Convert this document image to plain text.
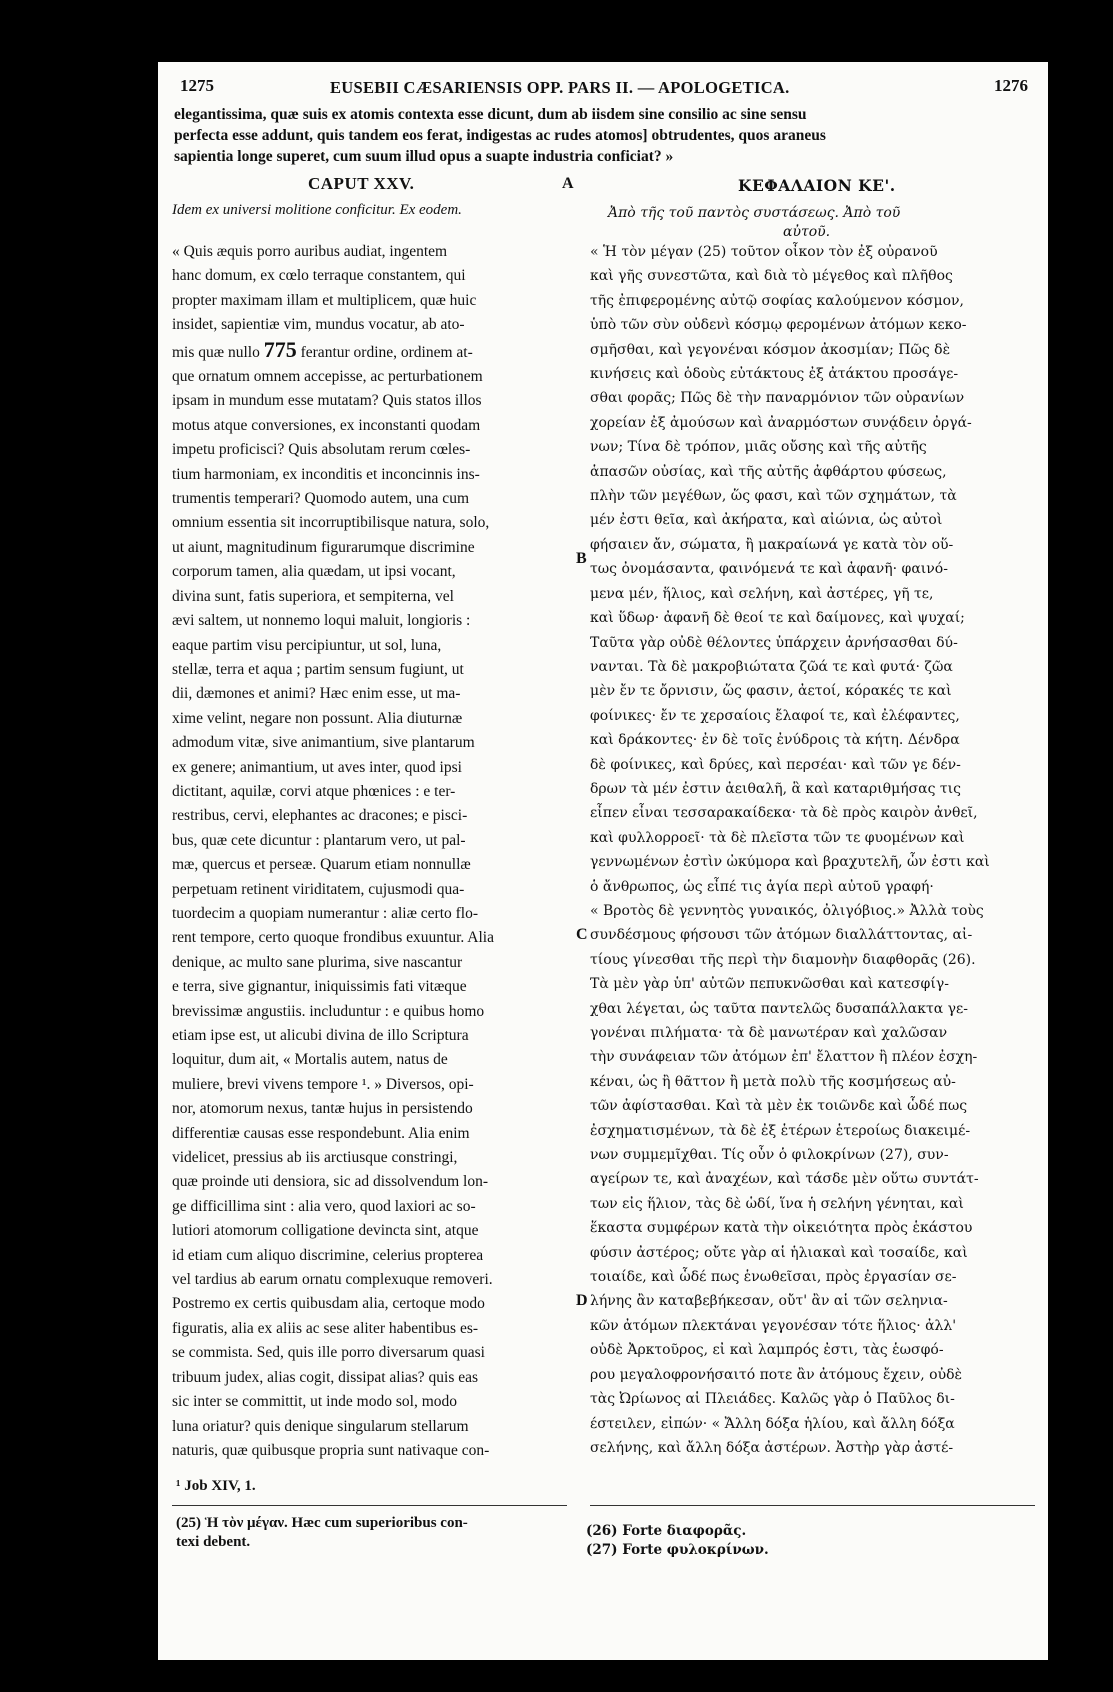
1275	EUSEBII CÆSARIENSIS OPP. PARS II. — APOLOGETICA.	1276
elegantissima, quæ suis ex atomis contexta esse dicunt, dum ab iisdem sine consilio ac sine sensu
perfecta esse addunt, quis tandem eos ferat, indigestas ac rudes atomos] obtrudentes, quos araneus
sapientia longe superet, cum suum illud opus a suapte industria conficiat? »
CAPUT XXV.
Idem ex universi molitione conficitur. Ex eodem.
A	ΚΕΦΑΛΑΙΟΝ ΚΕ'.
Ἀπὸ τῆς τοῦ παντὸς συστάσεως. Ἀπὸ τοῦ
αὐτοῦ.
« Quis æquis porro auribus audiat, ingentem
hanc domum, ex cœlo terraque constantem, qui
propter maximam illam et multiplicem, quæ huic
insidet, sapientiæ vim, mundus vocatur, ab ato-
mis quæ nullo 775 ferantur ordine, ordinem at-
que ornatum omnem accepisse, ac perturbationem
ipsam in mundum esse mutatam? Quis statos illos
motus atque conversiones, ex inconstanti quodam
impetu proficisci? Quis absolutam rerum cœles-
tium harmoniam, ex inconditis et inconcinnis ins-
trumentis temperari? Quomodo autem, una cum
omnium essentia sit incorruptibilisque natura, solo,
ut aiunt, magnitudinum figurarumque discrimine
corporum tamen, alia quædam, ut ipsi vocant,
divina sunt, fatis superiora, et sempiterna, vel
ævi saltem, ut nonnemo loqui maluit, longioris :
eaque partim visu percipiuntur, ut sol, luna,
stellæ, terra et aqua ; partim sensum fugiunt, ut
dii, dæmones et animi? Hæc enim esse, ut ma-
xime velint, negare non possunt. Alia diuturnæ
admodum vitæ, sive animantium, sive plantarum
ex genere; animantium, ut aves inter, quod ipsi
dictitant, aquilæ, corvi atque phœnices : e ter-
restribus, cervi, elephantes ac dracones; e pisci-
bus, quæ cete dicuntur : plantarum vero, ut pal-
mæ, quercus et perseæ. Quarum etiam nonnullæ
perpetuam retinent viriditatem, cujusmodi qua-
tuordecim a quopiam numerantur : aliæ certo flo-
rent tempore, certo quoque frondibus exuuntur. Alia
denique, ac multo sane plurima, sive nascantur
e terra, sive gignantur, iniquissimis fati vitæque
brevissimæ angustiis. includuntur : e quibus homo
etiam ipse est, ut alicubi divina de illo Scriptura
loquitur, dum ait, « Mortalis autem, natus de
muliere, brevi vivens tempore ¹. » Diversos, opi-
nor, atomorum nexus, tantæ hujus in persistendo
differentiæ causas esse respondebunt. Alia enim
videlicet, pressius ab iis arctiusque constringi,
quæ proinde uti densiora, sic ad dissolvendum lon-
ge difficillima sint : alia vero, quod laxiori ac so-
lutiori atomorum colligatione devincta sint, atque
id etiam cum aliquo discrimine, celerius propterea
vel tardius ab earum ornatu complexuque removeri.
Postremo ex certis quibusdam alia, certoque modo
figuratis, alia ex aliis ac sese aliter habentibus es-
se commista. Sed, quis ille porro diversarum quasi
tribuum judex, alias cogit, dissipat alias? quis eas
sic inter se committit, ut inde modo sol, modo
luna oriatur? quis denique singularum stellarum
naturis, quæ quibusque propria sunt nativaque con-
B
C
D
« Ἡ τὸν μέγαν (25) τοῦτον οἶκον τὸν ἐξ οὐρανοῦ
καὶ γῆς συνεστῶτα, καὶ διὰ τὸ μέγεθος καὶ πλῆθος
τῆς ἐπιφερομένης αὐτῷ σοφίας καλούμενον κόσμον,
ὑπὸ τῶν σὺν οὐδενὶ κόσμῳ φερομένων ἀτόμων κεκο-
σμῆσθαι, καὶ γεγονέναι κόσμον ἀκοσμίαν; Πῶς δὲ
κινήσεις καὶ ὁδοὺς εὐτάκτους ἐξ ἀτάκτου προσάγε-
σθαι φορᾶς; Πῶς δὲ τὴν παναρμόνιον τῶν οὐρανίων
χορείαν ἐξ ἀμούσων καὶ ἀναρμόστων συνᾴδειν ὀργά-
νων; Τίνα δὲ τρόπον, μιᾶς οὔσης καὶ τῆς αὐτῆς
ἁπασῶν οὐσίας, καὶ τῆς αὐτῆς ἀφθάρτου φύσεως,
πλὴν τῶν μεγέθων, ὥς φασι, καὶ τῶν σχημάτων, τὰ
μέν ἐστι θεῖα, καὶ ἀκήρατα, καὶ αἰώνια, ὡς αὐτοὶ
φήσαιεν ἄν, σώματα, ἢ μακραίωνά γε κατὰ τὸν οὕ-
τως ὀνομάσαντα, φαινόμενά τε καὶ ἀφανῆ· φαινό-
μενα μέν, ἥλιος, καὶ σελήνη, καὶ ἀστέρες, γῆ τε,
καὶ ὕδωρ· ἀφανῆ δὲ θεοί τε καὶ δαίμονες, καὶ ψυχαί;
Ταῦτα γὰρ οὐδὲ θέλοντες ὑπάρχειν ἀρνήσασθαι δύ-
νανται. Τὰ δὲ μακροβιώτατα ζῶά τε καὶ φυτά· ζῶα
μὲν ἔν τε ὄρνισιν, ὥς φασιν, ἀετοί, κόρακές τε καὶ
φοίνικες· ἔν τε χερσαίοις ἔλαφοί τε, καὶ ἐλέφαντες,
καὶ δράκοντες· ἐν δὲ τοῖς ἐνύδροις τὰ κήτη. Δένδρα
δὲ φοίνικες, καὶ δρύες, καὶ περσέαι· καὶ τῶν γε δέν-
δρων τὰ μέν ἐστιν ἀειθαλῆ, ἃ καὶ καταριθμήσας τις
εἶπεν εἶναι τεσσαρακαίδεκα· τὰ δὲ πρὸς καιρὸν ἀνθεῖ,
καὶ φυλλορροεῖ· τὰ δὲ πλεῖστα τῶν τε φυομένων καὶ
γεννωμένων ἐστὶν ὠκύμορα καὶ βραχυτελῆ, ὧν ἐστι καὶ
ὁ ἄνθρωπος, ὡς εἶπέ τις ἁγία περὶ αὐτοῦ γραφή·
« Βροτὸς δὲ γεννητὸς γυναικός, ὀλιγόβιος.» Ἀλλὰ τοὺς
συνδέσμους φήσουσι τῶν ἀτόμων διαλλάττοντας, αἰ-
τίους γίνεσθαι τῆς περὶ τὴν διαμονὴν διαφθορᾶς (26).
Τὰ μὲν γὰρ ὑπ' αὐτῶν πεπυκνῶσθαι καὶ κατεσφίγ-
χθαι λέγεται, ὡς ταῦτα παντελῶς δυσαπάλλακτα γε-
γονέναι πιλήματα· τὰ δὲ μανωτέραν καὶ χαλῶσαν
τὴν συνάφειαν τῶν ἀτόμων ἐπ' ἔλαττον ἢ πλέον ἐσχη-
κέναι, ὡς ἢ θᾶττον ἢ μετὰ πολὺ τῆς κοσμήσεως αὐ-
τῶν ἀφίστασθαι. Καὶ τὰ μὲν ἐκ τοιῶνδε καὶ ὧδέ πως
ἐσχηματισμένων, τὰ δὲ ἐξ ἑτέρων ἑτεροίως διακειμέ-
νων συμμεμῖχθαι. Τίς οὖν ὁ φιλοκρίνων (27), συν-
αγείρων τε, καὶ ἀναχέων, καὶ τάσδε μὲν οὕτω συντάτ-
των εἰς ἥλιον, τὰς δὲ ὡδί, ἵνα ἡ σελήνη γένηται, καὶ
ἕκαστα συμφέρων κατὰ τὴν οἰκειότητα πρὸς ἑκάστου
φύσιν ἀστέρος; οὔτε γὰρ αἱ ἡλιακαὶ καὶ τοσαίδε, καὶ
τοιαίδε, καὶ ὧδέ πως ἑνωθεῖσαι, πρὸς ἐργασίαν σε-
λήνης ἂν καταβεβήκεσαν, οὔτ' ἂν αἱ τῶν σεληνια-
κῶν ἀτόμων πλεκτάναι γεγονέσαν τότε ἥλιος· ἀλλ'
οὐδὲ Ἀρκτοῦρος, εἰ καὶ λαμπρός ἐστι, τὰς ἑωσφό-
ρου μεγαλοφρονήσαιτό ποτε ἂν ἀτόμους ἔχειν, οὐδὲ
τὰς Ὠρίωνος αἱ Πλειάδες. Καλῶς γὰρ ὁ Παῦλος δι-
έστειλεν, εἰπών· « Ἄλλη δόξα ἡλίου, καὶ ἄλλη δόξα
σελήνης, καὶ ἄλλη δόξα ἀστέρων. Ἀστὴρ γὰρ ἀστέ-
¹ Job XIV, 1.
(25) Ἡ τὸν μέγαν. Hæc cum superioribus con-
texi debent.
(26) Forte διαφορᾶς.
(27) Forte φυλοκρίνων.
